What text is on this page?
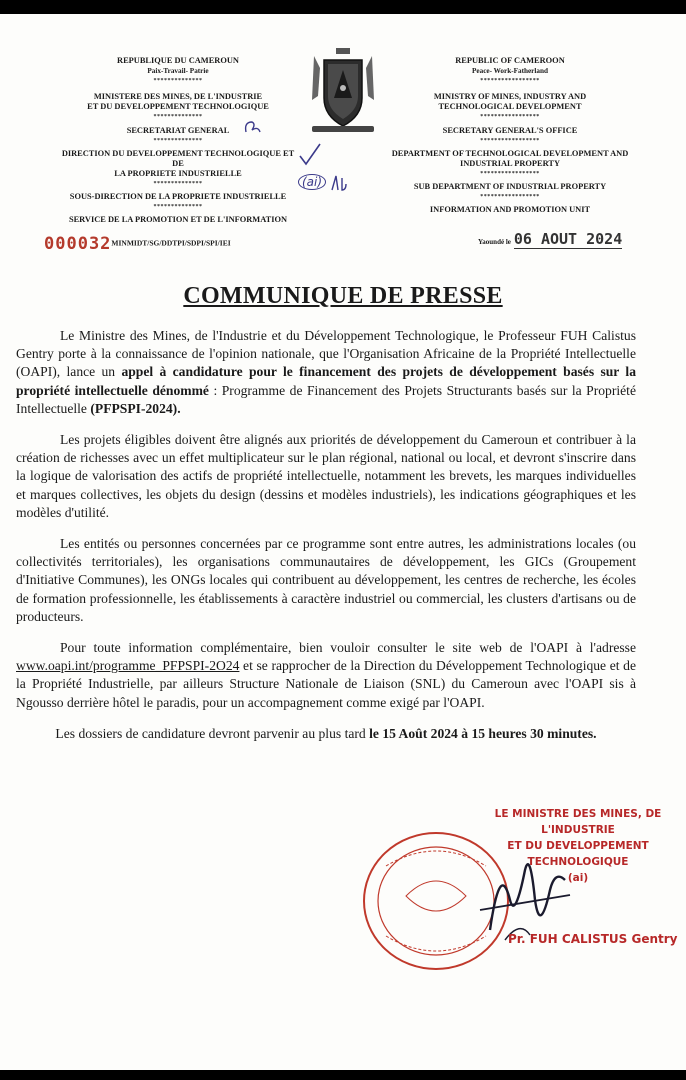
REPUBLIQUE DU CAMEROUN
Paix-Travail- Patrie
**************
MINISTERE DES MINES, DE L'INDUSTRIE
ET DU DEVELOPPEMENT TECHNOLOGIQUE
**************
SECRETARIAT GENERAL
**************
DIRECTION DU DEVELOPPEMENT TECHNOLOGIQUE ET DE
LA PROPRIETE INDUSTRIELLE
**************
SOUS-DIRECTION DE LA PROPRIETE INDUSTRIELLE
**************
SERVICE DE LA PROMOTION ET DE L'INFORMATION
REPUBLIC OF CAMEROON
Peace- Work-Fatherland
*****************
MINISTRY OF MINES, INDUSTRY AND
TECHNOLOGICAL DEVELOPMENT
*****************
SECRETARY GENERAL'S OFFICE
*****************
DEPARTMENT OF TECHNOLOGICAL DEVELOPMENT AND
INDUSTRIAL PROPERTY
*****************
SUB DEPARTMENT OF INDUSTRIAL PROPERTY
*****************
INFORMATION AND PROMOTION UNIT
(ai)
000032MINMIDT/SG/DDTPI/SDPI/SPI/IEI	Yaoundé le 06 AOUT 2024
COMMUNIQUE DE PRESSE

Le Ministre des Mines, de l'Industrie et du Développement Technologique, le Professeur FUH Calistus Gentry porte à la connaissance de l'opinion nationale, que l'Organisation Africaine de la Propriété Intellectuelle (OAPI), lance un appel à candidature pour le financement des projets de développement basés sur la propriété intellectuelle dénommé : Programme de Financement des Projets Structurants basés sur la Propriété Intellectuelle (PFPSPI-2024).

Les projets éligibles doivent être alignés aux priorités de développement du Cameroun et contribuer à la création de richesses avec un effet multiplicateur sur le plan régional, national ou local, et devront s'inscrire dans la logique de valorisation des actifs de propriété intellectuelle, notamment les brevets, les marques individuelles et marques collectives, les objets du design (dessins et modèles industriels), les indications géographiques et les modèles d'utilité.

Les entités ou personnes concernées par ce programme sont entre autres, les administrations locales (ou collectivités territoriales), les organisations communautaires de développement, les GICs (Groupement d'Initiative Communes), les ONGs locales qui contribuent au développement, les centres de recherche, les écoles de formation professionnelle, les établissements à caractère industriel ou commercial, les clusters d'artisans ou de producteurs.

Pour toute information complémentaire, bien vouloir consulter le site web de l'OAPI à l'adresse www.oapi.int/programme_PFPSPI-2O24 et se rapprocher de la Direction du Développement Technologique et de la Propriété Industrielle, par ailleurs Structure Nationale de Liaison (SNL) du Cameroun avec l'OAPI sis à Ngousso derrière hôtel le paradis, pour un accompagnement comme exigé par l'OAPI.

Les dossiers de candidature devront parvenir au plus tard le 15 Août 2024 à 15 heures 30 minutes.

LE MINISTRE DES MINES, DE L'INDUSTRIE
ET DU DEVELOPPEMENT TECHNOLOGIQUE
(ai)
Pr. FUH CALISTUS Gentry
